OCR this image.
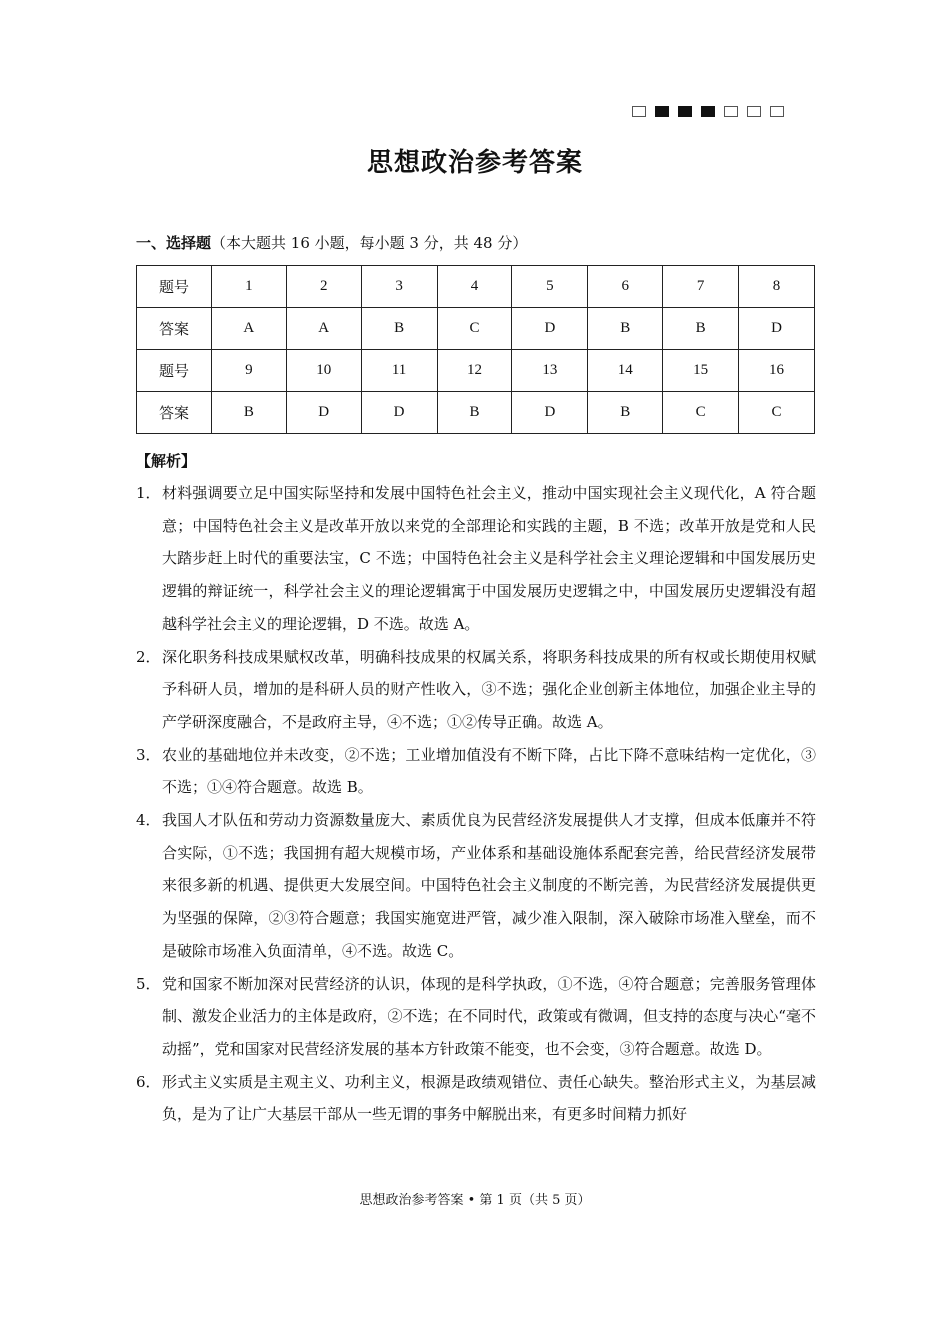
思想政治参考答案
一、选择题（本大题共 16 小题，每小题 3 分，共 48 分）
题号	1	2	3	4	5	6	7	8
答案	A	A	B	C	D	B	B	D
题号	9	10	11	12	13	14	15	16
答案	B	D	D	B	D	B	C	C
【解析】
1． 材料强调要立足中国实际坚持和发展中国特色社会主义，推动中国实现社会主义现代化，A 符合题意；中国特色社会主义是改革开放以来党的全部理论和实践的主题，B 不选；改革开放是党和人民大踏步赶上时代的重要法宝，C 不选；中国特色社会主义是科学社会主义理论逻辑和中国发展历史逻辑的辩证统一，科学社会主义的理论逻辑寓于中国发展历史逻辑之中，中国发展历史逻辑没有超越科学社会主义的理论逻辑，D 不选。故选 A。
2． 深化职务科技成果赋权改革，明确科技成果的权属关系，将职务科技成果的所有权或长期使用权赋予科研人员，增加的是科研人员的财产性收入，③不选；强化企业创新主体地位，加强企业主导的产学研深度融合，不是政府主导，④不选；①②传导正确。故选 A。
3． 农业的基础地位并未改变，②不选；工业增加值没有不断下降，占比下降不意味结构一定优化，③不选；①④符合题意。故选 B。
4． 我国人才队伍和劳动力资源数量庞大、素质优良为民营经济发展提供人才支撑，但成本低廉并不符合实际，①不选；我国拥有超大规模市场，产业体系和基础设施体系配套完善，给民营经济发展带来很多新的机遇、提供更大发展空间。中国特色社会主义制度的不断完善，为民营经济发展提供更为坚强的保障，②③符合题意；我国实施宽进严管，减少准入限制，深入破除市场准入壁垒，而不是破除市场准入负面清单，④不选。故选 C。
5． 党和国家不断加深对民营经济的认识，体现的是科学执政，①不选，④符合题意；完善服务管理体制、激发企业活力的主体是政府，②不选；在不同时代，政策或有微调，但支持的态度与决心“毫不动摇”，党和国家对民营经济发展的基本方针政策不能变，也不会变，③符合题意。故选 D。
6． 形式主义实质是主观主义、功利主义，根源是政绩观错位、责任心缺失。整治形式主义，为基层减负，是为了让广大基层干部从一些无谓的事务中解脱出来，有更多时间精力抓好
思想政治参考答案 • 第 1 页（共 5 页）
